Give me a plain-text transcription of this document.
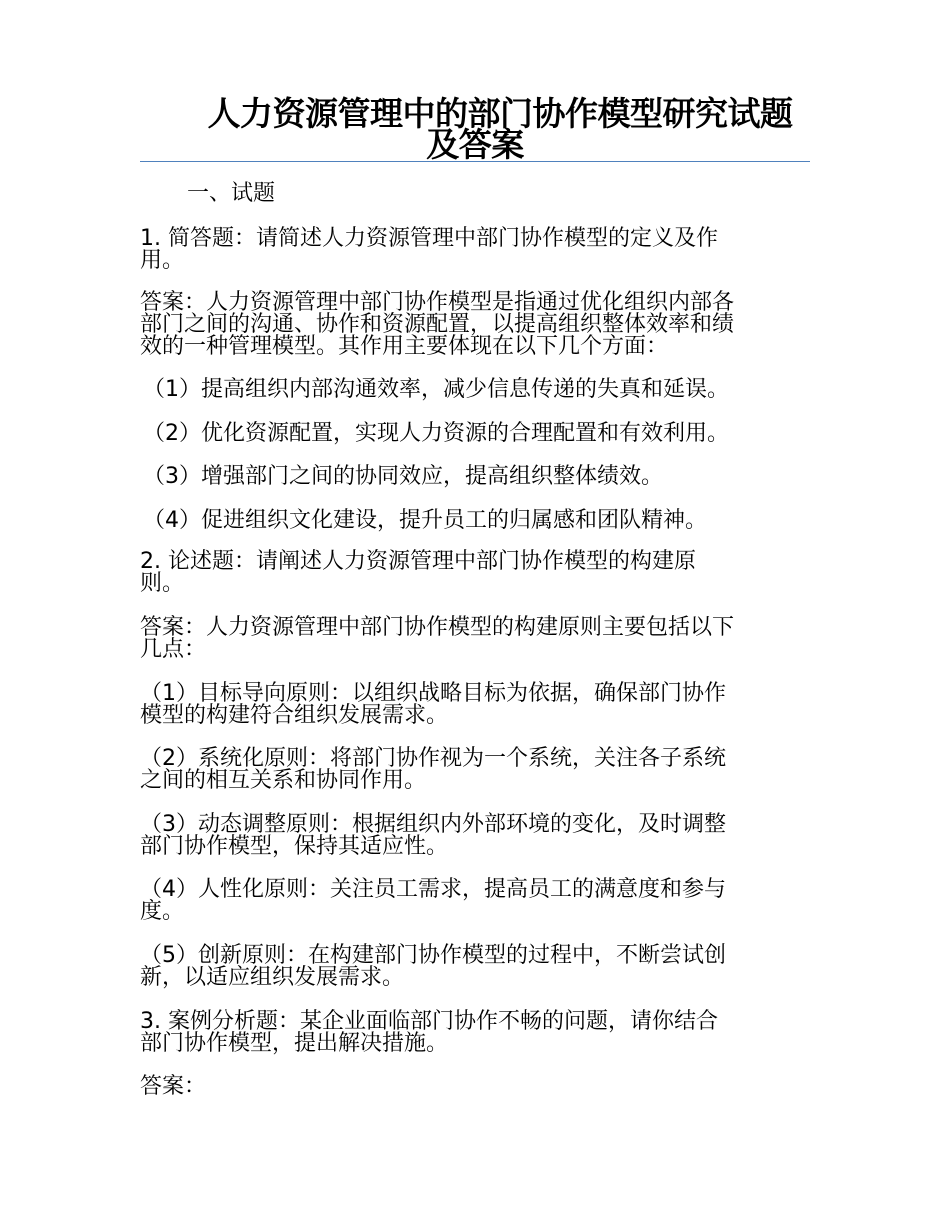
人力资源管理中的部门协作模型研究试题
及答案
一、试题
1. 简答题：请简述人力资源管理中部门协作模型的定义及作
用。
答案：人力资源管理中部门协作模型是指通过优化组织内部各
部门之间的沟通、协作和资源配置，以提高组织整体效率和绩
效的一种管理模型。其作用主要体现在以下几个方面：
（1）提高组织内部沟通效率，减少信息传递的失真和延误。
（2）优化资源配置，实现人力资源的合理配置和有效利用。
（3）增强部门之间的协同效应，提高组织整体绩效。
（4）促进组织文化建设，提升员工的归属感和团队精神。
2. 论述题：请阐述人力资源管理中部门协作模型的构建原
则。
答案：人力资源管理中部门协作模型的构建原则主要包括以下
几点：
（1）目标导向原则：以组织战略目标为依据，确保部门协作
模型的构建符合组织发展需求。
（2）系统化原则：将部门协作视为一个系统，关注各子系统
之间的相互关系和协同作用。
（3）动态调整原则：根据组织内外部环境的变化，及时调整
部门协作模型，保持其适应性。
（4）人性化原则：关注员工需求，提高员工的满意度和参与
度。
（5）创新原则：在构建部门协作模型的过程中，不断尝试创
新，以适应组织发展需求。
3. 案例分析题：某企业面临部门协作不畅的问题，请你结合
部门协作模型，提出解决措施。
答案：
